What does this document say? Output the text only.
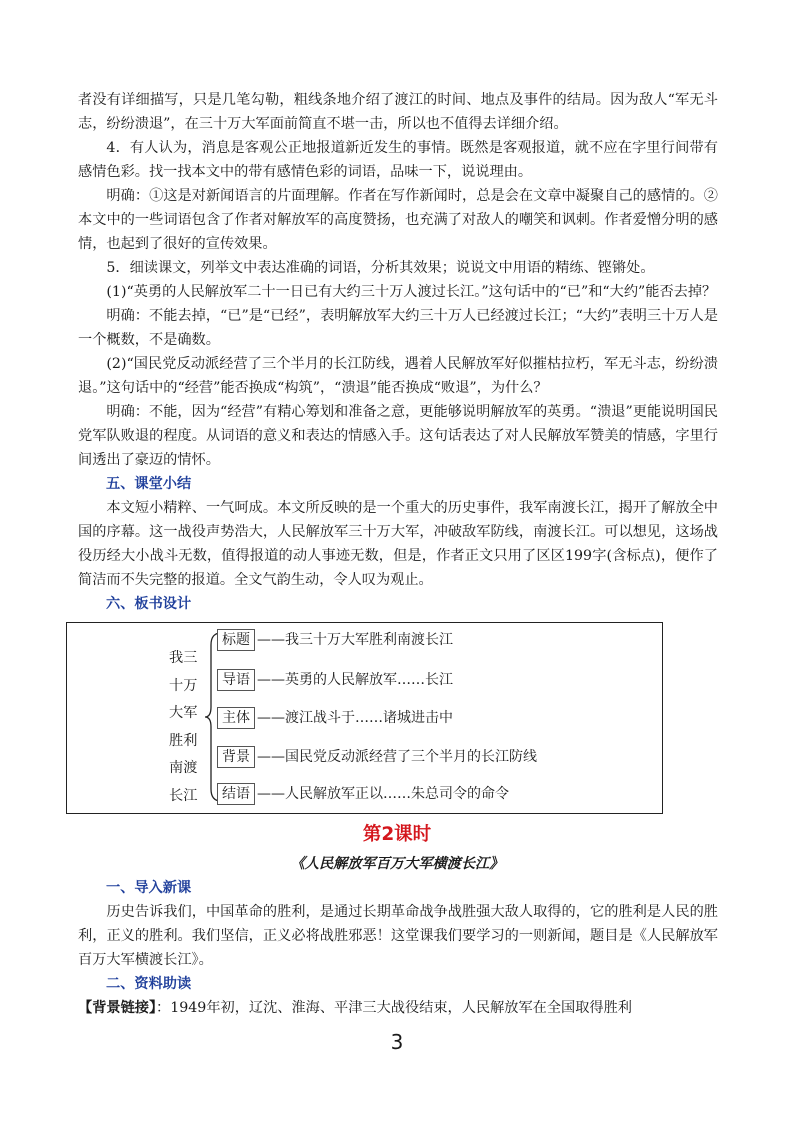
者没有详细描写，只是几笔勾勒，粗线条地介绍了渡江的时间、地点及事件的结局。因为敌人“军无斗志，纷纷溃退”，在三十万大军面前简直不堪一击，所以也不值得去详细介绍。

4．有人认为，消息是客观公正地报道新近发生的事情。既然是客观报道，就不应在字里行间带有感情色彩。找一找本文中的带有感情色彩的词语，品味一下，说说理由。

明确：①这是对新闻语言的片面理解。作者在写作新闻时，总是会在文章中凝聚自己的感情的。②本文中的一些词语包含了作者对解放军的高度赞扬，也充满了对敌人的嘲笑和讽刺。作者爱憎分明的感情，也起到了很好的宣传效果。

5．细读课文，列举文中表达准确的词语，分析其效果；说说文中用语的精练、铿锵处。

(1)“英勇的人民解放军二十一日已有大约三十万人渡过长江。”这句话中的“已”和“大约”能否去掉？

明确：不能去掉，“已”是“已经”，表明解放军大约三十万人已经渡过长江；“大约”表明三十万人是一个概数，不是确数。

(2)“国民党反动派经营了三个半月的长江防线，遇着人民解放军好似摧枯拉朽，军无斗志，纷纷溃退。”这句话中的“经营”能否换成“构筑”，“溃退”能否换成“败退”，为什么？

明确：不能，因为“经营”有精心筹划和准备之意，更能够说明解放军的英勇。“溃退”更能说明国民党军队败退的程度。从词语的意义和表达的情感入手。这句话表达了对人民解放军赞美的情感，字里行间透出了豪迈的情怀。

五、课堂小结

本文短小精粹、一气呵成。本文所反映的是一个重大的历史事件，我军南渡长江，揭开了解放全中国的序幕。这一战役声势浩大，人民解放军三十万大军，冲破敌军防线，南渡长江。可以想见，这场战役历经大小战斗无数，值得报道的动人事迹无数，但是，作者正文只用了区区199字(含标点)，便作了简洁而不失完整的报道。全文气韵生动，令人叹为观止。

六、板书设计
我三
十万
大军
胜利
南渡
长江
标题 ——我三十万大军胜利南渡长江
导语 ——英勇的人民解放军……长江
主体 ——渡江战斗于……诸城进击中
背景 ——国民党反动派经营了三个半月的长江防线
结语 ——人民解放军正以……朱总司令的命令
第2课时
《人民解放军百万大军横渡长江》
一、导入新课

历史告诉我们，中国革命的胜利，是通过长期革命战争战胜强大敌人取得的，它的胜利是人民的胜利，正义的胜利。我们坚信，正义必将战胜邪恶！这堂课我们要学习的一则新闻，题目是《人民解放军百万大军横渡长江》。

二、资料助读

【背景链接】：1949年初，辽沈、淮海、平津三大战役结束，人民解放军在全国取得胜利

3
